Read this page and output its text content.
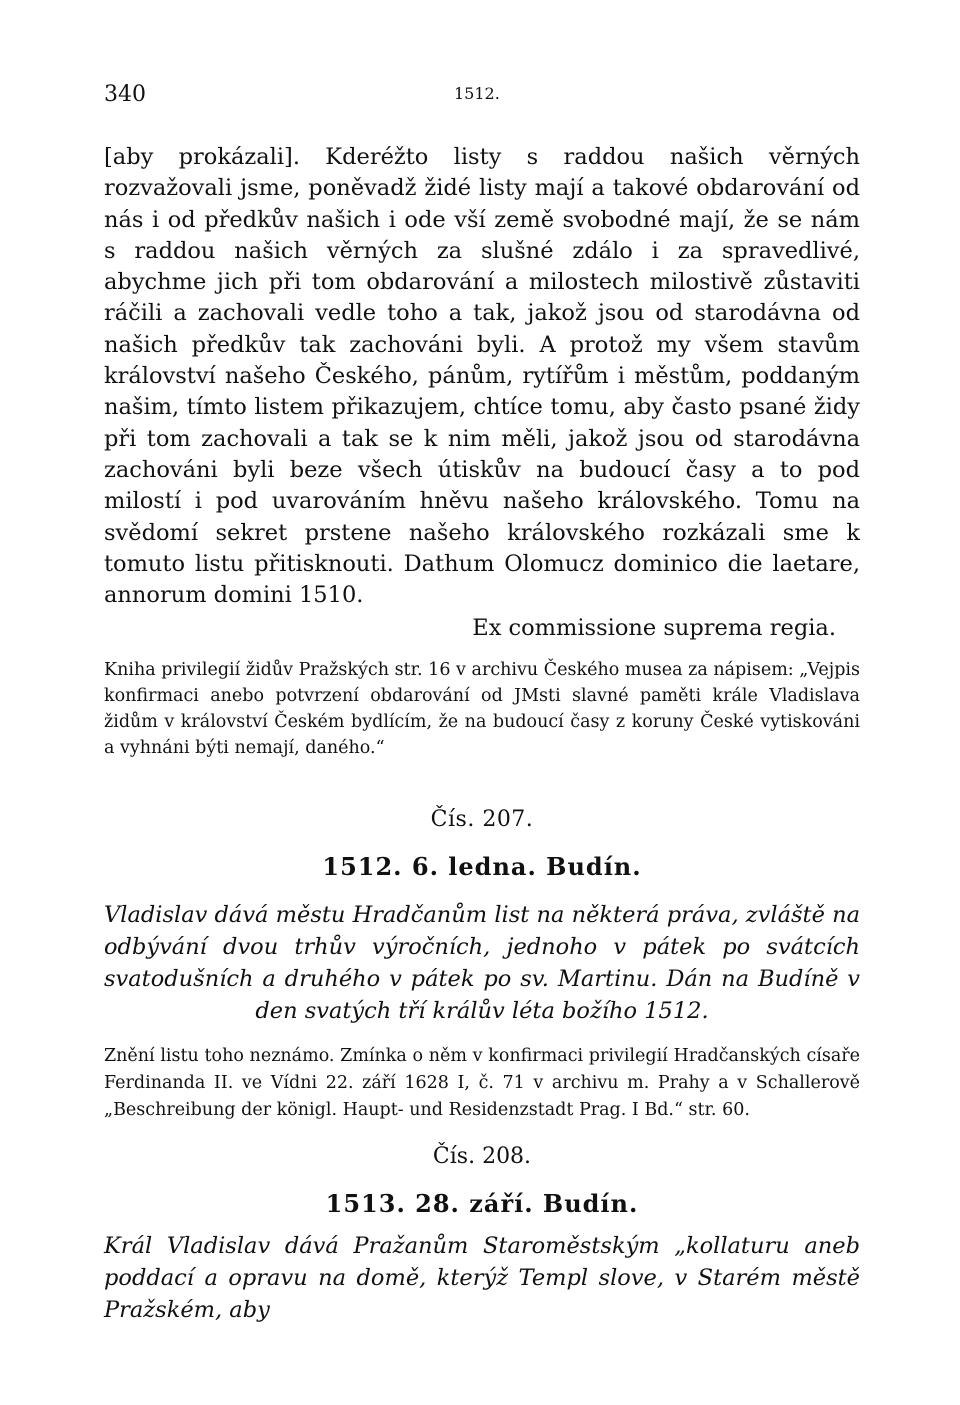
340	1512.

[aby prokázali]. Kderéžto listy s raddou našich věrných rozvažovali jsme, poněvadž židé listy mají a takové obdarování od nás i od předkův našich i ode vší země svobodné mají, že se nám s raddou našich věrných za slušné zdálo i za spravedlivé, abychme jich při tom obdarování a milostech milostivě zůstaviti ráčili a zachovali vedle toho a tak, jakož jsou od starodávna od našich předkův tak zachováni byli. A protož my všem stavům království našeho Českého, pánům, rytířům i městům, poddaným našim, tímto listem přikazujem, chtíce tomu, aby často psané židy při tom zachovali a tak se k nim měli, jakož jsou od starodávna zachováni byli beze všech útiskův na budoucí časy a to pod milostí i pod uvarováním hněvu našeho královského. Tomu na svědomí sekret prstene našeho královského rozkázali sme k tomuto listu přitisknouti. Dathum Olomucz dominico die laetare, annorum domini 1510.

Ex commissione suprema regia.

Kniha privilegií židův Pražských str. 16 v archivu Českého musea za nápisem: „Vejpis konfirmaci anebo potvrzení obdarování od JMsti slavné paměti krále Vladislava židům v království Českém bydlícím, že na budoucí časy z koruny České vytiskováni a vyhnáni býti nemají, daného.“

Čís. 207.
1512. 6. ledna. Budín.

Vladislav dává městu Hradčanům list na některá práva, zvláště na odbývání dvou trhův výročních, jednoho v pátek po svátcích svatodušních a druhého v pátek po sv. Martinu. Dán na Budíně v den svatých tří králův léta božího 1512.

Znění listu toho neznámo. Zmínka o něm v konfirmaci privilegií Hradčanských císaře Ferdinanda II. ve Vídni 22. září 1628 I, č. 71 v archivu m. Prahy a v Schallerově „Beschreibung der königl. Haupt- und Residenzstadt Prag. I Bd.“ str. 60.

Čís. 208.
1513. 28. září. Budín.

Král Vladislav dává Pražanům Staroměstským „kollaturu aneb poddací a opravu na domě, kterýž Templ slove, v Starém městě Pražském, aby
